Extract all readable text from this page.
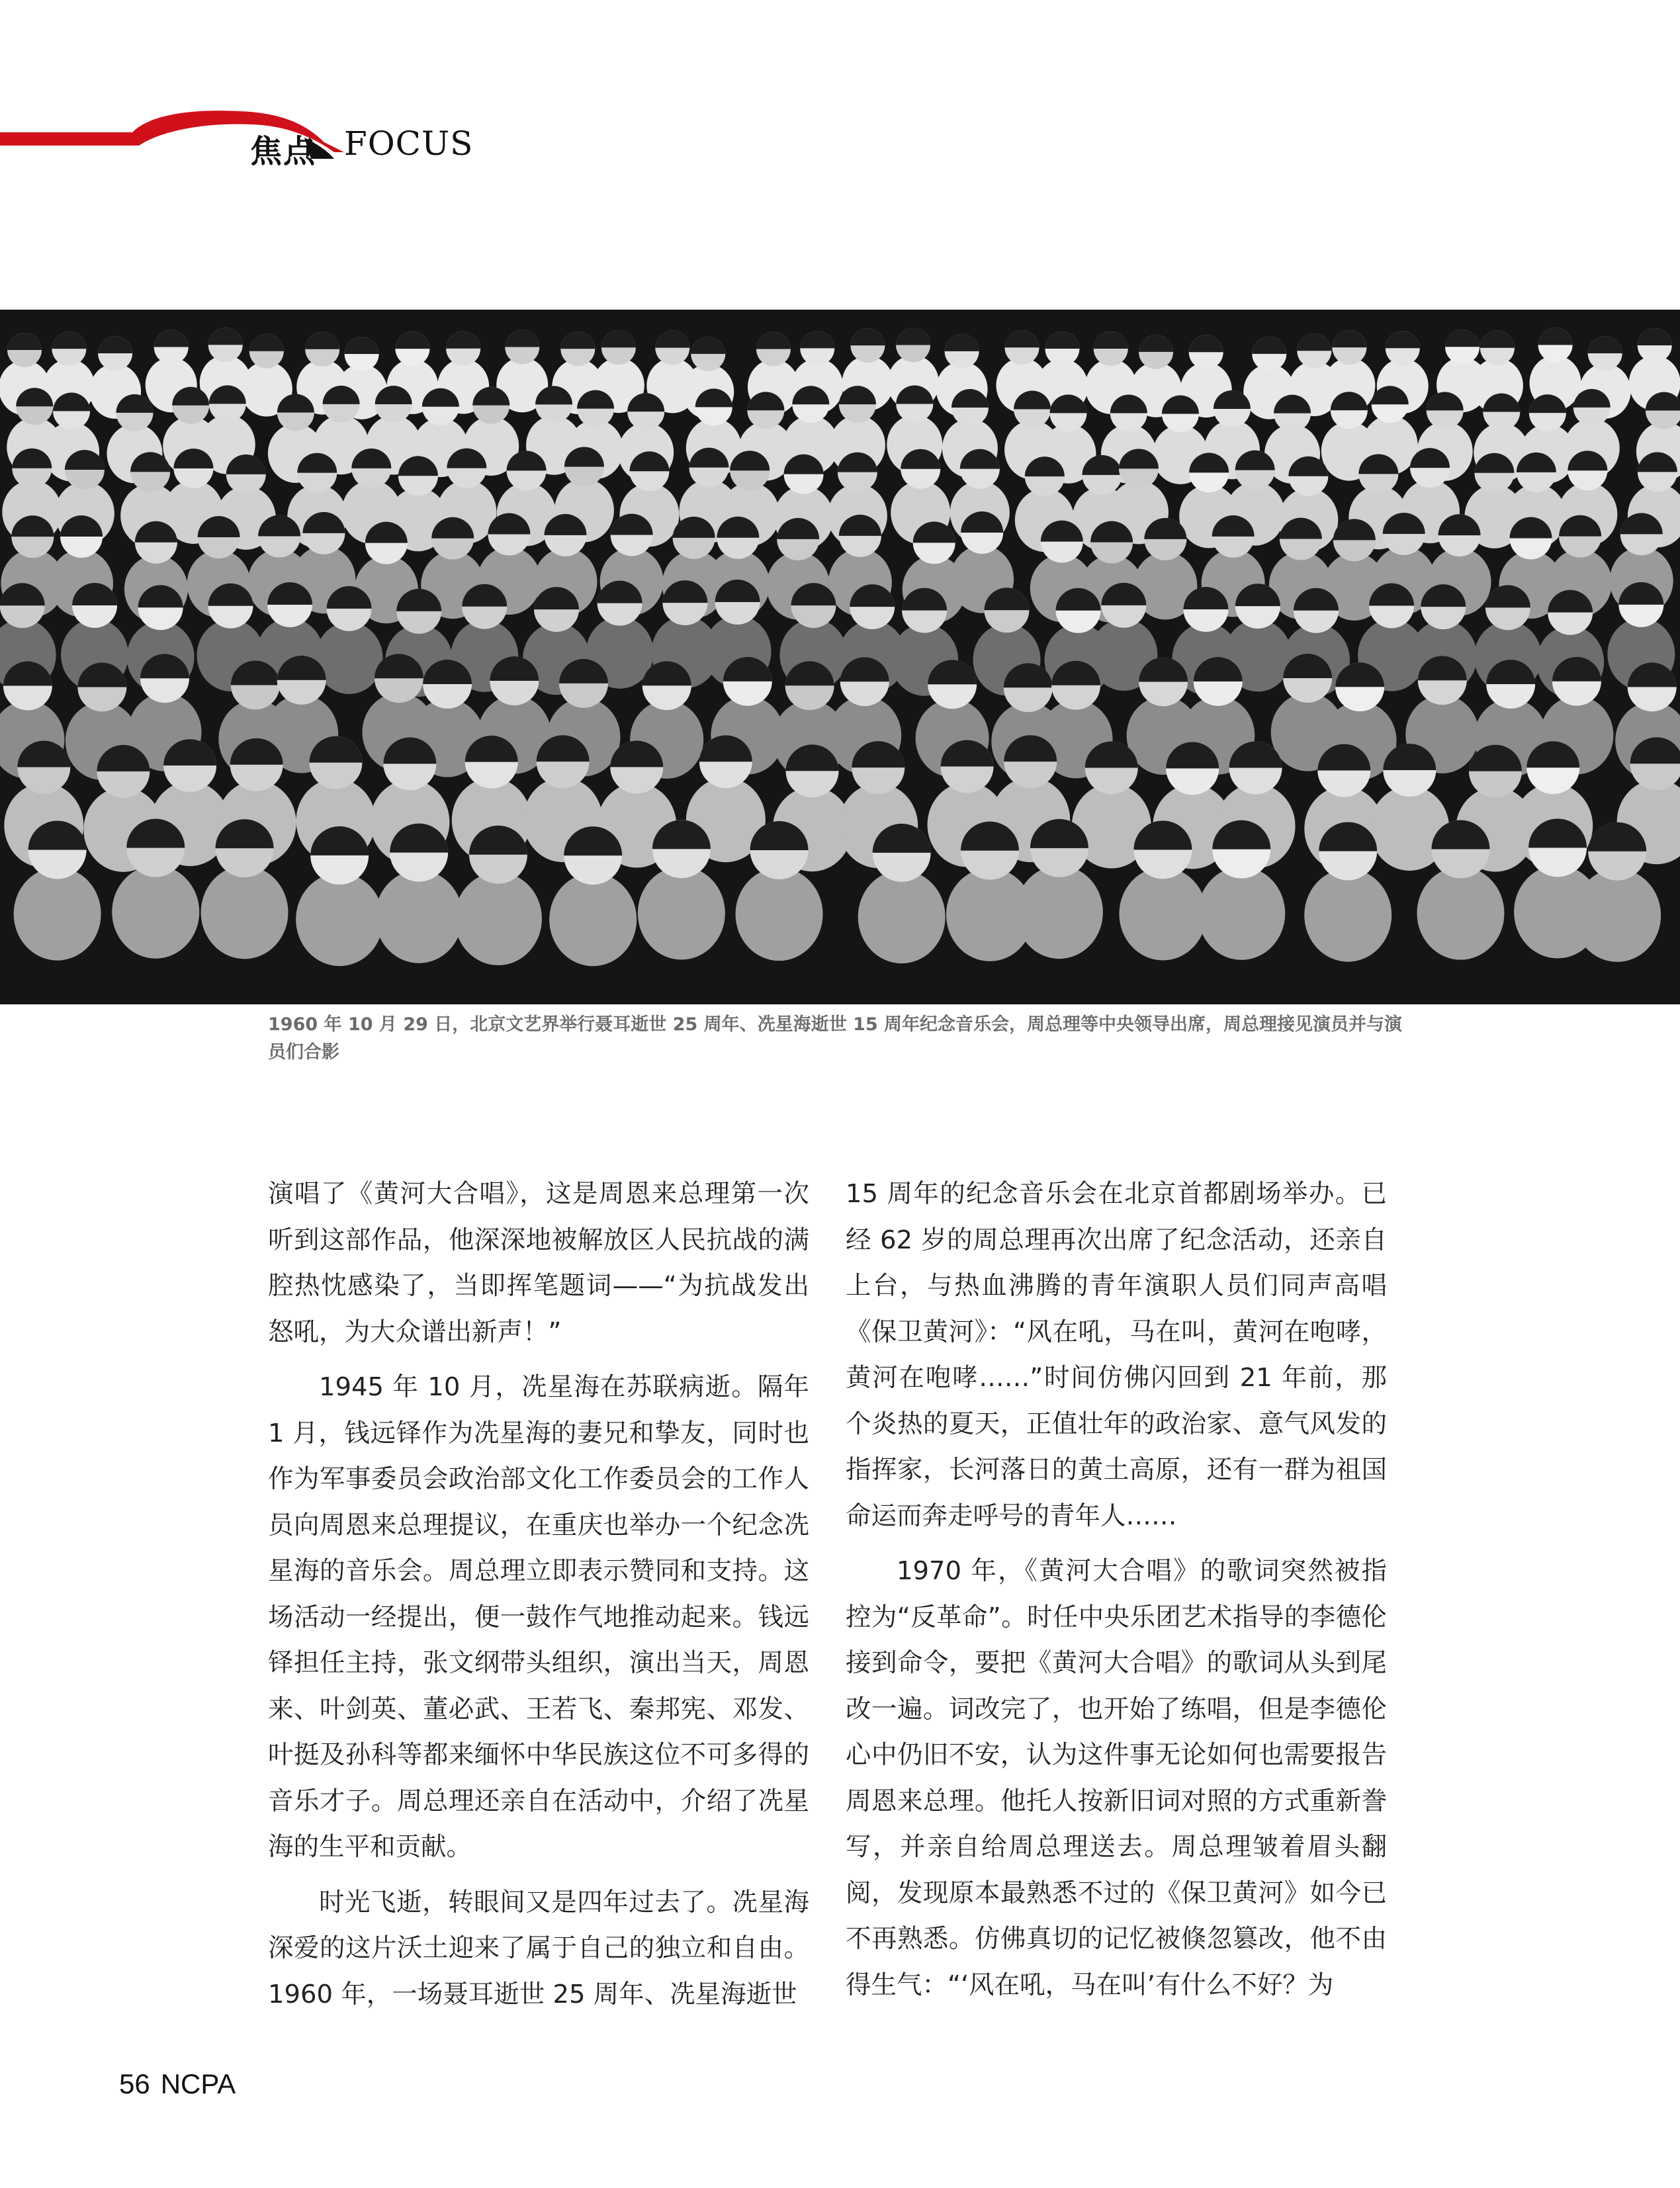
焦点 FOCUS
1960 年 10 月 29 日，北京文艺界举行聂耳逝世 25 周年、冼星海逝世 15 周年纪念音乐会，周总理等中央领导出席，周总理接见演员并与演员们合影

演唱了《黄河大合唱》，这是周恩来总理第一次听到这部作品，他深深地被解放区人民抗战的满腔热忱感染了，当即挥笔题词——“为抗战发出怒吼，为大众谱出新声！”

1945 年 10 月，冼星海在苏联病逝。隔年 1 月，钱远铎作为冼星海的妻兄和挚友，同时也作为军事委员会政治部文化工作委员会的工作人员向周恩来总理提议，在重庆也举办一个纪念冼星海的音乐会。周总理立即表示赞同和支持。这场活动一经提出，便一鼓作气地推动起来。钱远铎担任主持，张文纲带头组织，演出当天，周恩来、叶剑英、董必武、王若飞、秦邦宪、邓发、叶挺及孙科等都来缅怀中华民族这位不可多得的音乐才子。周总理还亲自在活动中，介绍了冼星海的生平和贡献。

时光飞逝，转眼间又是四年过去了。冼星海深爱的这片沃土迎来了属于自己的独立和自由。1960 年，一场聂耳逝世 25 周年、冼星海逝世

15 周年的纪念音乐会在北京首都剧场举办。已经 62 岁的周总理再次出席了纪念活动，还亲自上台，与热血沸腾的青年演职人员们同声高唱《保卫黄河》：“风在吼，马在叫，黄河在咆哮，黄河在咆哮……”时间仿佛闪回到 21 年前，那个炎热的夏天，正值壮年的政治家、意气风发的指挥家，长河落日的黄土高原，还有一群为祖国命运而奔走呼号的青年人……

1970 年，《黄河大合唱》的歌词突然被指控为“反革命”。时任中央乐团艺术指导的李德伦接到命令，要把《黄河大合唱》的歌词从头到尾改一遍。词改完了，也开始了练唱，但是李德伦心中仍旧不安，认为这件事无论如何也需要报告周恩来总理。他托人按新旧词对照的方式重新誊写，并亲自给周总理送去。周总理皱着眉头翻阅，发现原本最熟悉不过的《保卫黄河》如今已不再熟悉。仿佛真切的记忆被倏忽篡改，他不由得生气：“‘风在吼，马在叫’有什么不好？为

56 NCPA
